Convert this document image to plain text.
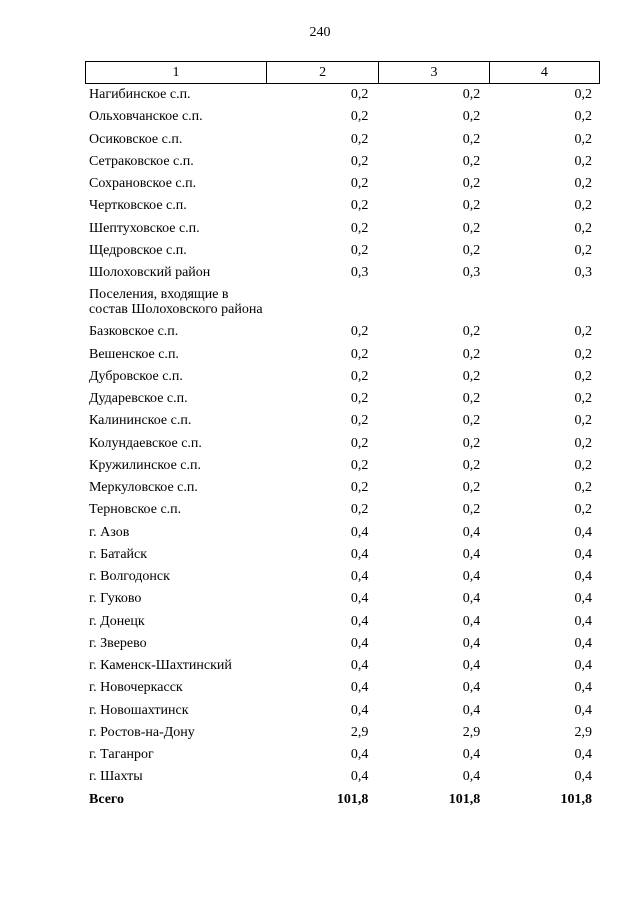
240
1	2	3	4
Нагибинское с.п.	0,2	0,2	0,2
Ольховчанское с.п.	0,2	0,2	0,2
Осиковское с.п.	0,2	0,2	0,2
Сетраковское с.п.	0,2	0,2	0,2
Сохрановское с.п.	0,2	0,2	0,2
Чертковское с.п.	0,2	0,2	0,2
Шептуховское с.п.	0,2	0,2	0,2
Щедровское с.п.	0,2	0,2	0,2
Шолоховский район	0,3	0,3	0,3
Поселения, входящие в состав Шолоховского района			
Базковское с.п.	0,2	0,2	0,2
Вешенское с.п.	0,2	0,2	0,2
Дубровское с.п.	0,2	0,2	0,2
Дударевское с.п.	0,2	0,2	0,2
Калининское с.п.	0,2	0,2	0,2
Колундаевское с.п.	0,2	0,2	0,2
Кружилинское с.п.	0,2	0,2	0,2
Меркуловское с.п.	0,2	0,2	0,2
Терновское с.п.	0,2	0,2	0,2
г. Азов	0,4	0,4	0,4
г. Батайск	0,4	0,4	0,4
г. Волгодонск	0,4	0,4	0,4
г. Гуково	0,4	0,4	0,4
г. Донецк	0,4	0,4	0,4
г. Зверево	0,4	0,4	0,4
г. Каменск-Шахтинский	0,4	0,4	0,4
г. Новочеркасск	0,4	0,4	0,4
г. Новошахтинск	0,4	0,4	0,4
г. Ростов-на-Дону	2,9	2,9	2,9
г. Таганрог	0,4	0,4	0,4
г. Шахты	0,4	0,4	0,4
Всего	101,8	101,8	101,8
